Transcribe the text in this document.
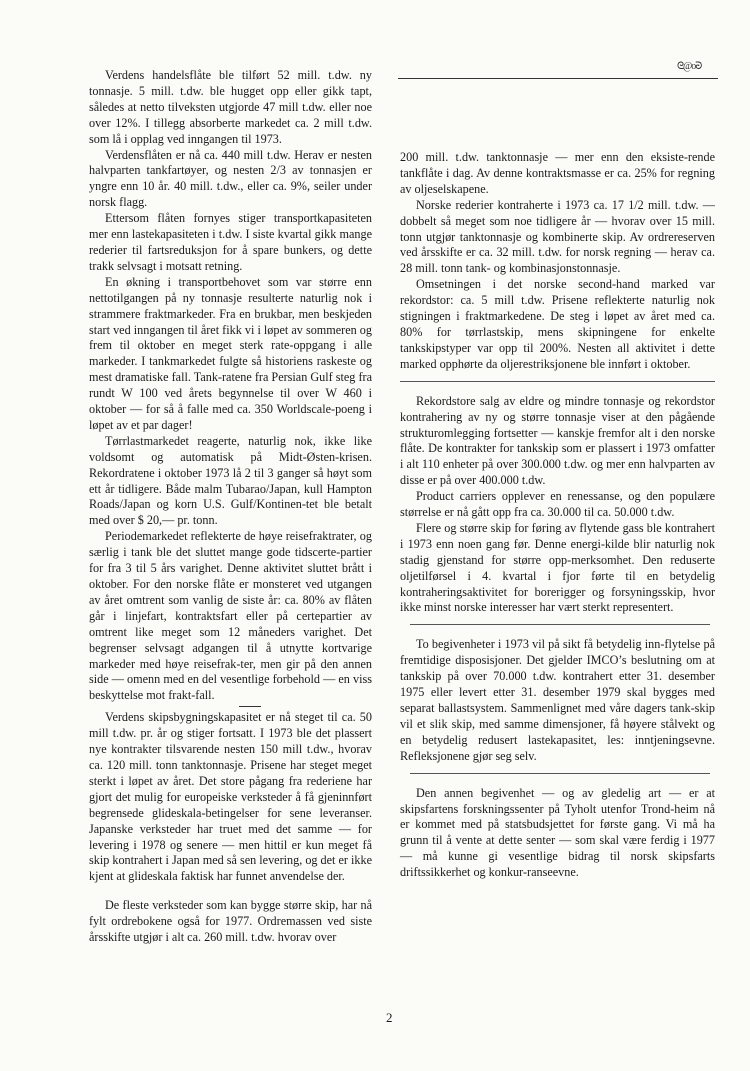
ᘓ@oᘒ

Verdens handelsflåte ble tilført 52 mill. t.dw. ny tonnasje. 5 mill. t.dw. ble hugget opp eller gikk tapt, således at netto tilveksten utgjorde 47 mill t.dw. eller noe over 12%. I tillegg absorberte markedet ca. 2 mill t.dw. som lå i opplag ved inngangen til 1973.

Verdensflåten er nå ca. 440 mill t.dw. Herav er nesten halvparten tankfartøyer, og nesten 2/3 av tonnasjen er yngre enn 10 år. 40 mill. t.dw., eller ca. 9%, seiler under norsk flagg.

Ettersom flåten fornyes stiger transportkapasiteten mer enn lastekapasiteten i t.dw. I siste kvartal gikk mange rederier til fartsreduksjon for å spare bunkers, og dette trakk selvsagt i motsatt retning.

En økning i transportbehovet som var større enn nettotilgangen på ny tonnasje resulterte naturlig nok i strammere fraktmarkeder. Fra en brukbar, men beskjeden start ved inngangen til året fikk vi i løpet av sommeren og frem til oktober en meget sterk rate-oppgang i alle markeder. I tankmarkedet fulgte så historiens raskeste og mest dramatiske fall. Tank-ratene fra Persian Gulf steg fra rundt W 100 ved årets begynnelse til over W 460 i oktober — for så å falle med ca. 350 Worldscale-poeng i løpet av et par dager!

Tørrlastmarkedet reagerte, naturlig nok, ikke like voldsomt og automatisk på Midt-Østen-krisen. Rekordratene i oktober 1973 lå 2 til 3 ganger så høyt som ett år tidligere. Både malm Tubarao/Japan, kull Hampton Roads/Japan og korn U.S. Gulf/Kontinen-tet ble betalt med over $ 20,— pr. tonn.

Periodemarkedet reflekterte de høye reisefraktrater, og særlig i tank ble det sluttet mange gode tidscerte-partier for fra 3 til 5 års varighet. Denne aktivitet sluttet brått i oktober. For den norske flåte er monsteret ved utgangen av året omtrent som vanlig de siste år: ca. 80% av flåten går i linjefart, kontraktsfart eller på certepartier av omtrent like meget som 12 måneders varighet. Det begrenser selvsagt adgangen til å utnytte kortvarige markeder med høye reisefrak-ter, men gir på den annen side — omenn med en del vesentlige forbehold — en viss beskyttelse mot frakt-fall.

Verdens skipsbygningskapasitet er nå steget til ca. 50 mill t.dw. pr. år og stiger fortsatt. I 1973 ble det plassert nye kontrakter tilsvarende nesten 150 mill t.dw., hvorav ca. 120 mill. tonn tanktonnasje. Prisene har steget meget sterkt i løpet av året. Det store pågang fra rederiene har gjort det mulig for europeiske verksteder å få gjeninnført begrensede glideskala-betingelser for sene leveranser. Japanske verksteder har truet med det samme — for levering i 1978 og senere — men hittil er kun meget få skip kontrahert i Japan med så sen levering, og det er ikke kjent at glideskala faktisk har funnet anvendelse der.

De fleste verksteder som kan bygge større skip, har nå fylt ordrebokene også for 1977. Ordremassen ved siste årsskifte utgjør i alt ca. 260 mill. t.dw. hvorav over

200 mill. t.dw. tanktonnasje — mer enn den eksiste-rende tankflåte i dag. Av denne kontraktsmasse er ca. 25% for regning av oljeselskapene.

Norske rederier kontraherte i 1973 ca. 17 1/2 mill. t.dw. — dobbelt så meget som noe tidligere år — hvorav over 15 mill. tonn utgjør tanktonnasje og kombinerte skip. Av ordrereserven ved årsskifte er ca. 32 mill. t.dw. for norsk regning — herav ca. 28 mill. tonn tank- og kombinasjonstonnasje.

Omsetningen i det norske second-hand marked var rekordstor: ca. 5 mill t.dw. Prisene reflekterte naturlig nok stigningen i fraktmarkedene. De steg i løpet av året med ca. 80% for tørrlastskip, mens skipningene for enkelte tankskipstyper var opp til 200%. Nesten all aktivitet i dette marked opphørte da oljerestriksjonene ble innført i oktober.

Rekordstore salg av eldre og mindre tonnasje og rekordstor kontrahering av ny og større tonnasje viser at den pågående strukturomlegging fortsetter — kanskje fremfor alt i den norske flåte. De kontrakter for tankskip som er plassert i 1973 omfatter i alt 110 enheter på over 300.000 t.dw. og mer enn halvparten av disse er på over 400.000 t.dw.

Product carriers opplever en renessanse, og den populære størrelse er nå gått opp fra ca. 30.000 til ca. 50.000 t.dw.

Flere og større skip for føring av flytende gass ble kontrahert i 1973 enn noen gang før. Denne energi-kilde blir naturlig nok stadig gjenstand for større opp-merksomhet. Den reduserte oljetilførsel i 4. kvartal i fjor førte til en betydelig kontraheringsaktivitet for borerigger og forsyningsskip, hvor ikke minst norske interesser har vært sterkt representert.

To begivenheter i 1973 vil på sikt få betydelig inn-flytelse på fremtidige disposisjoner. Det gjelder IMCO’s beslutning om at tankskip på over 70.000 t.dw. kontrahert etter 31. desember 1975 eller levert etter 31. desember 1979 skal bygges med separat ballastsystem. Sammenlignet med våre dagers tank-skip vil et slik skip, med samme dimensjoner, få høyere stålvekt og en betydelig redusert lastekapasitet, les: inntjeningsevne. Refleksjonene gjør seg selv.

Den annen begivenhet — og av gledelig art — er at skipsfartens forskningssenter på Tyholt utenfor Trond-heim nå er kommet med på statsbudsjettet for første gang. Vi må ha grunn til å vente at dette senter — som skal være ferdig i 1977 — må kunne gi vesentlige bidrag til norsk skipsfarts driftssikkerhet og konkur-ranseevne.

2
